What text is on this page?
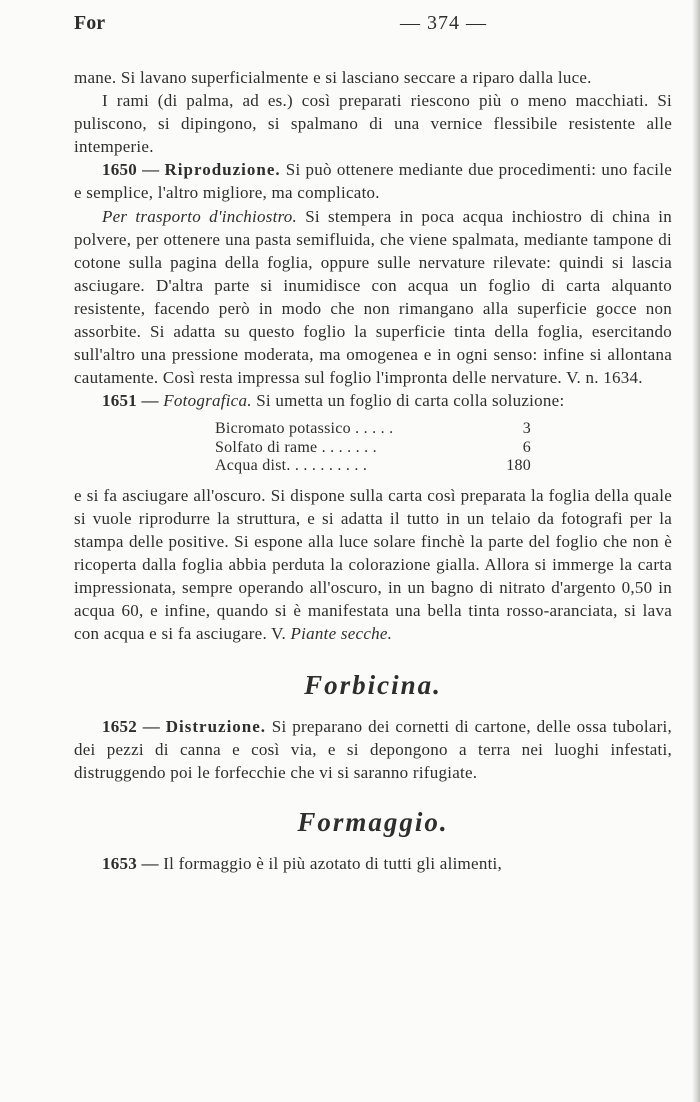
For	— 374 —

mane. Si lavano superficialmente e si lasciano seccare a riparo dalla luce.

I rami (di palma, ad es.) così preparati riescono più o meno macchiati. Si puliscono, si dipingono, si spalmano di una vernice flessibile resistente alle intemperie.

1650 — Riproduzione. Si può ottenere mediante due procedimenti: uno facile e semplice, l'altro migliore, ma complicato.

Per trasporto d'inchiostro. Si stempera in poca acqua inchiostro di china in polvere, per ottenere una pasta semifluida, che viene spalmata, mediante tampone di cotone sulla pagina della foglia, oppure sulle nervature rilevate: quindi si lascia asciugare. D'altra parte si inumidisce con acqua un foglio di carta alquanto resistente, facendo però in modo che non rimangano alla superficie gocce non assorbite. Si adatta su questo foglio la superficie tinta della foglia, esercitando sull'altro una pressione moderata, ma omogenea e in ogni senso: infine si allontana cautamente. Così resta impressa sul foglio l'impronta delle nervature. V. n. 1634.

1651 — Fotografica. Si umetta un foglio di carta colla soluzione:

Bicromato potassico . . . . .	3
Solfato di rame . . . . . . .	6
Acqua dist. . . . . . . . . .	180

e si fa asciugare all'oscuro. Si dispone sulla carta così preparata la foglia della quale si vuole riprodurre la struttura, e si adatta il tutto in un telaio da fotografi per la stampa delle positive. Si espone alla luce solare finchè la parte del foglio che non è ricoperta dalla foglia abbia perduta la colorazione gialla. Allora si immerge la carta impressionata, sempre operando all'oscuro, in un bagno di nitrato d'argento 0,50 in acqua 60, e infine, quando si è manifestata una bella tinta rosso-aranciata, si lava con acqua e si fa asciugare. V. Piante secche.

Forbicina.

1652 — Distruzione. Si preparano dei cornetti di cartone, delle ossa tubolari, dei pezzi di canna e così via, e si depongono a terra nei luoghi infestati, distruggendo poi le forfecchie che vi si saranno rifugiate.

Formaggio.

1653 — Il formaggio è il più azotato di tutti gli alimenti,
